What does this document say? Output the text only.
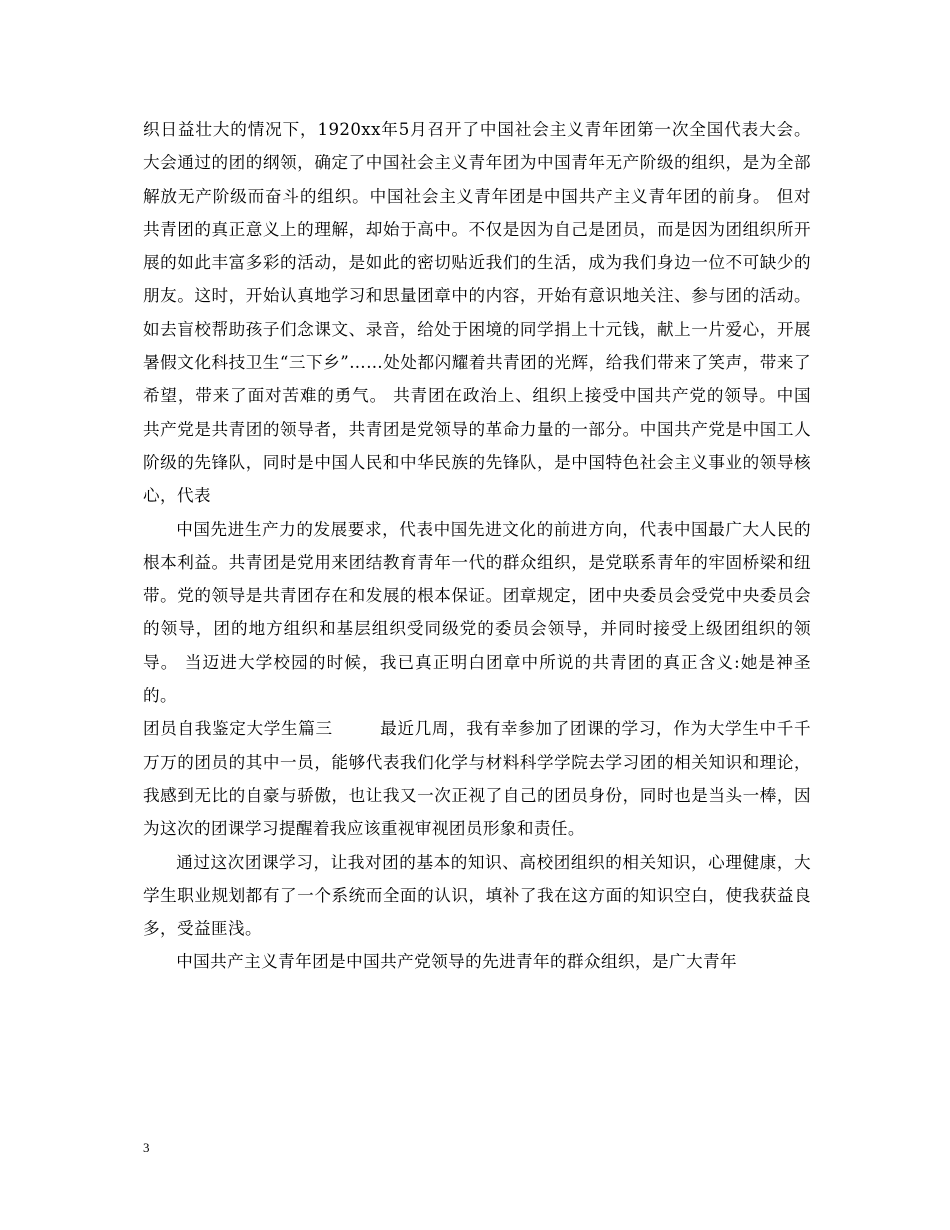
织日益壮大的情况下，1920xx年5月召开了中国社会主义青年团第一次全国代表大会。大会通过的团的纲领，确定了中国社会主义青年团为中国青年无产阶级的组织，是为全部解放无产阶级而奋斗的组织。中国社会主义青年团是中国共产主义青年团的前身。 但对共青团的真正意义上的理解，却始于高中。不仅是因为自己是团员，而是因为团组织所开展的如此丰富多彩的活动，是如此的密切贴近我们的生活，成为我们身边一位不可缺少的朋友。这时，开始认真地学习和思量团章中的内容，开始有意识地关注、参与团的活动。如去盲校帮助孩子们念课文、录音，给处于困境的同学捐上十元钱，献上一片爱心，开展暑假文化科技卫生“三下乡”……处处都闪耀着共青团的光辉，给我们带来了笑声，带来了希望，带来了面对苦难的勇气。 共青团在政治上、组织上接受中国共产党的领导。中国共产党是共青团的领导者，共青团是党领导的革命力量的一部分。中国共产党是中国工人阶级的先锋队，同时是中国人民和中华民族的先锋队，是中国特色社会主义事业的领导核心，代表

中国先进生产力的发展要求，代表中国先进文化的前进方向，代表中国最广大人民的根本利益。共青团是党用来团结教育青年一代的群众组织，是党联系青年的牢固桥梁和纽带。党的领导是共青团存在和发展的根本保证。团章规定，团中央委员会受党中央委员会的领导，团的地方组织和基层组织受同级党的委员会领导，并同时接受上级团组织的领导。 当迈进大学校园的时候，我已真正明白团章中所说的共青团的真正含义:她是神圣的。

团员自我鉴定大学生篇三	最近几周，我有幸参加了团课的学习，作为大学生中千千万万的团员的其中一员，能够代表我们化学与材料科学学院去学习团的相关知识和理论，我感到无比的自豪与骄傲，也让我又一次正视了自己的团员身份，同时也是当头一棒，因为这次的团课学习提醒着我应该重视审视团员形象和责任。

通过这次团课学习，让我对团的基本的知识、高校团组织的相关知识，心理健康，大学生职业规划都有了一个系统而全面的认识，填补了我在这方面的知识空白，使我获益良多，受益匪浅。

中国共产主义青年团是中国共产党领导的先进青年的群众组织，是广大青年

3
